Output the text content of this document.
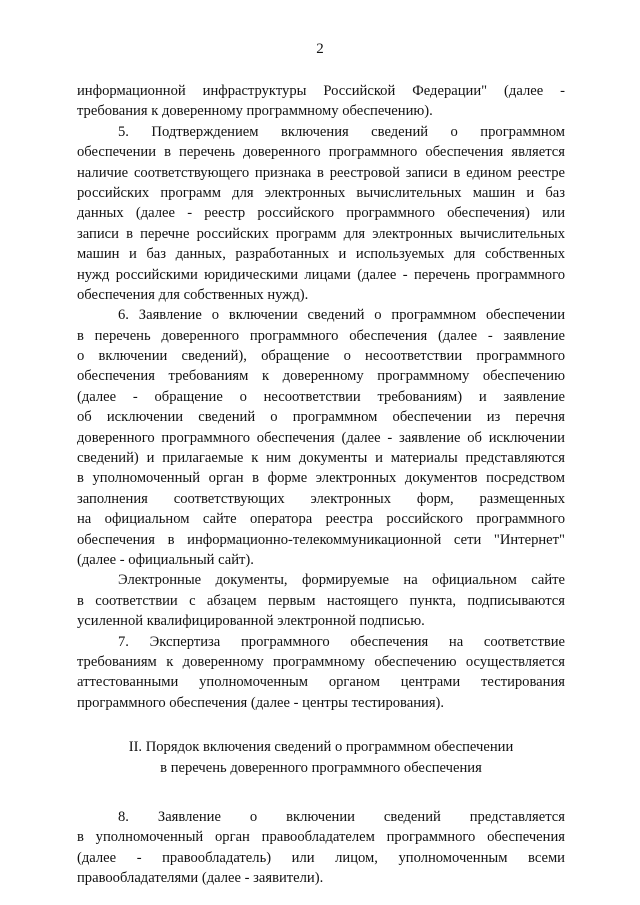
2
информационной инфраструктуры Российской Федерации" (далее -
требования к доверенному программному обеспечению).
5. Подтверждением включения сведений о программном
обеспечении в перечень доверенного программного обеспечения является
наличие соответствующего признака в реестровой записи в едином реестре
российских программ для электронных вычислительных машин и баз
данных (далее - реестр российского программного обеспечения) или
записи в перечне российских программ для электронных вычислительных
машин и баз данных, разработанных и используемых для собственных
нужд российскими юридическими лицами (далее - перечень программного
обеспечения для собственных нужд).
6. Заявление о включении сведений о программном обеспечении
в перечень доверенного программного обеспечения (далее - заявление
о включении сведений), обращение о несоответствии программного
обеспечения требованиям к доверенному программному обеспечению
(далее - обращение о несоответствии требованиям) и заявление
об исключении сведений о программном обеспечении из перечня
доверенного программного обеспечения (далее - заявление об исключении
сведений) и прилагаемые к ним документы и материалы представляются
в уполномоченный орган в форме электронных документов посредством
заполнения соответствующих электронных форм, размещенных
на официальном сайте оператора реестра российского программного
обеспечения в информационно-телекоммуникационной сети "Интернет"
(далее - официальный сайт).
Электронные документы, формируемые на официальном сайте
в соответствии с абзацем первым настоящего пункта, подписываются
усиленной квалифицированной электронной подписью.
7. Экспертиза программного обеспечения на соответствие
требованиям к доверенному программному обеспечению осуществляется
аттестованными уполномоченным органом центрами тестирования
программного обеспечения (далее - центры тестирования).
II. Порядок включения сведений о программном обеспечении
в перечень доверенного программного обеспечения
8. Заявление о включении сведений представляется
в уполномоченный орган правообладателем программного обеспечения
(далее - правообладатель) или лицом, уполномоченным всеми
правообладателями (далее - заявители).
